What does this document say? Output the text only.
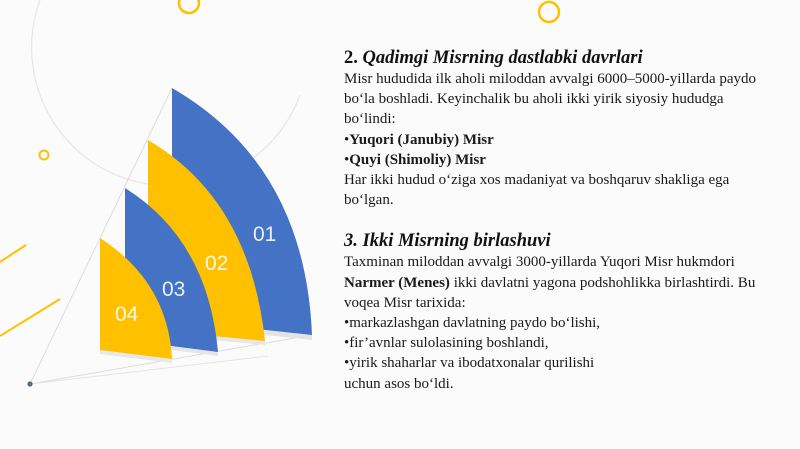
01
02
03
04
2. Qadimgi Misrning dastlabki davrlari

Misr hududida ilk aholi miloddan avvalgi 6000–5000-yillarda paydo bo‘la boshladi. Keyinchalik bu aholi ikki yirik siyosiy hududga bo‘lindi:

•Yuqori (Janubiy) Misr

•Quyi (Shimoliy) Misr

Har ikki hudud o‘ziga xos madaniyat va boshqaruv shakliga ega bo‘lgan.

3. Ikki Misrning birlashuvi

Taxminan miloddan avvalgi 3000-yillarda Yuqori Misr hukmdori Narmer (Menes) ikki davlatni yagona podshohlikka birlashtirdi. Bu voqea Misr tarixida:

•markazlashgan davlatning paydo bo‘lishi,

•fir’avnlar sulolasining boshlandi,

•yirik shaharlar va ibodatxonalar qurilishi

uchun asos bo‘ldi.
